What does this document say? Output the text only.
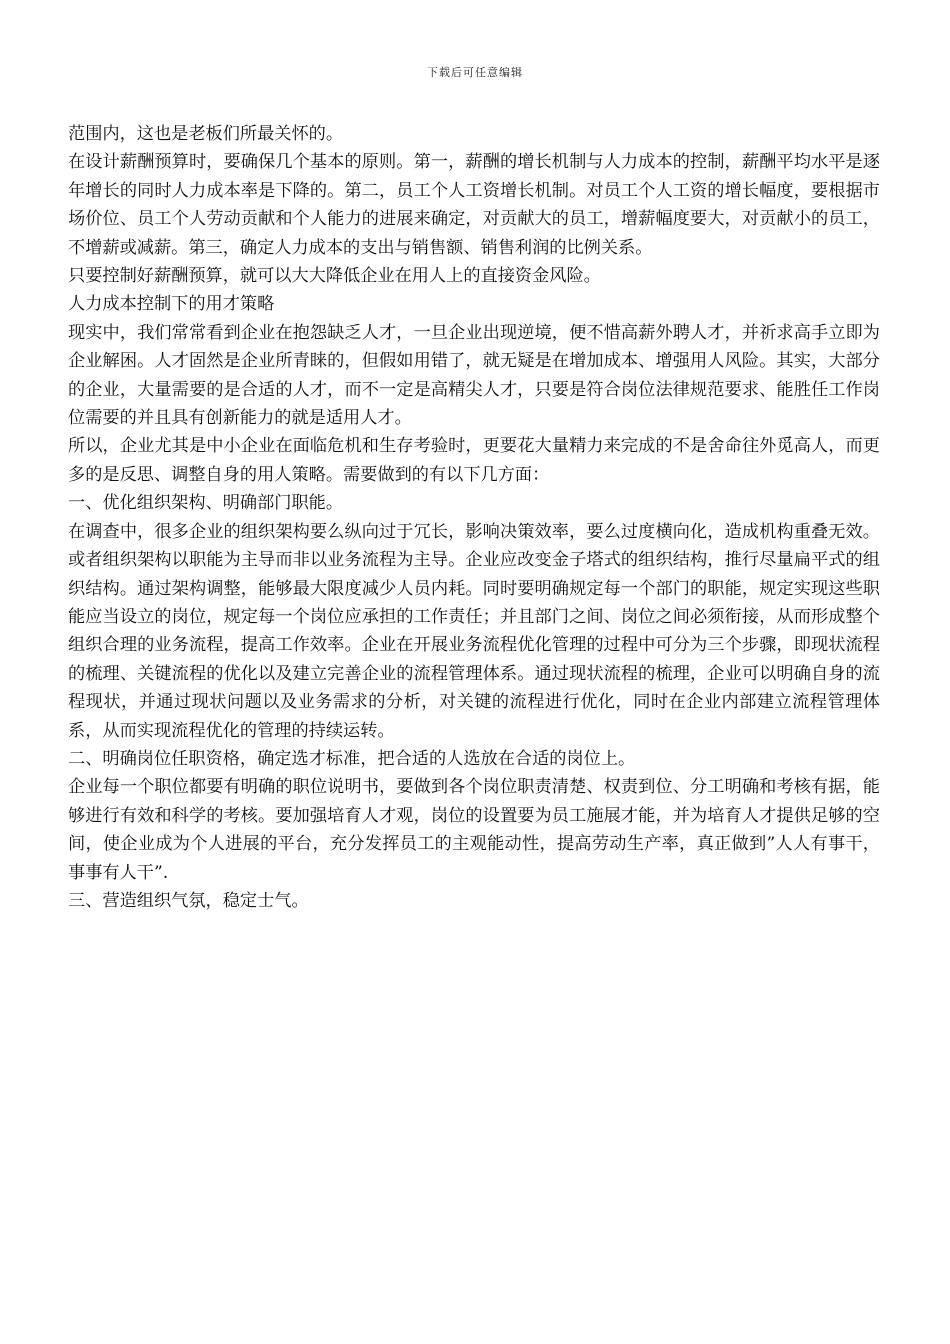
下载后可任意编辑

范围内，这也是老板们所最关怀的。

在设计薪酬预算时，要确保几个基本的原则。第一，薪酬的增长机制与人力成本的控制，薪酬平均水平是逐年增长的同时人力成本率是下降的。第二，员工个人工资增长机制。对员工个人工资的增长幅度，要根据市场价位、员工个人劳动贡献和个人能力的进展来确定，对贡献大的员工，增薪幅度要大，对贡献小的员工，不增薪或减薪。第三，确定人力成本的支出与销售额、销售利润的比例关系。

只要控制好薪酬预算，就可以大大降低企业在用人上的直接资金风险。

人力成本控制下的用才策略

现实中，我们常常看到企业在抱怨缺乏人才，一旦企业出现逆境，便不惜高薪外聘人才，并祈求高手立即为企业解困。人才固然是企业所青睐的，但假如用错了，就无疑是在增加成本、增强用人风险。其实，大部分的企业，大量需要的是合适的人才，而不一定是高精尖人才，只要是符合岗位法律规范要求、能胜任工作岗位需要的并且具有创新能力的就是适用人才。

所以，企业尤其是中小企业在面临危机和生存考验时，更要花大量精力来完成的不是舍命往外觅高人，而更多的是反思、调整自身的用人策略。需要做到的有以下几方面：

一、优化组织架构、明确部门职能。

在调查中，很多企业的组织架构要么纵向过于冗长，影响决策效率，要么过度横向化，造成机构重叠无效。或者组织架构以职能为主导而非以业务流程为主导。企业应改变金子塔式的组织结构，推行尽量扁平式的组织结构。通过架构调整，能够最大限度减少人员内耗。同时要明确规定每一个部门的职能，规定实现这些职能应当设立的岗位，规定每一个岗位应承担的工作责任；并且部门之间、岗位之间必须衔接，从而形成整个组织合理的业务流程，提高工作效率。企业在开展业务流程优化管理的过程中可分为三个步骤，即现状流程的梳理、关键流程的优化以及建立完善企业的流程管理体系。通过现状流程的梳理，企业可以明确自身的流程现状，并通过现状问题以及业务需求的分析，对关键的流程进行优化，同时在企业内部建立流程管理体系，从而实现流程优化的管理的持续运转。

二、明确岗位任职资格，确定选才标准，把合适的人选放在合适的岗位上。

企业每一个职位都要有明确的职位说明书，要做到各个岗位职责清楚、权责到位、分工明确和考核有据，能够进行有效和科学的考核。要加强培育人才观，岗位的设置要为员工施展才能，并为培育人才提供足够的空间，使企业成为个人进展的平台，充分发挥员工的主观能动性，提高劳动生产率，真正做到”人人有事干，事事有人干”.

三、营造组织气氛，稳定士气。
